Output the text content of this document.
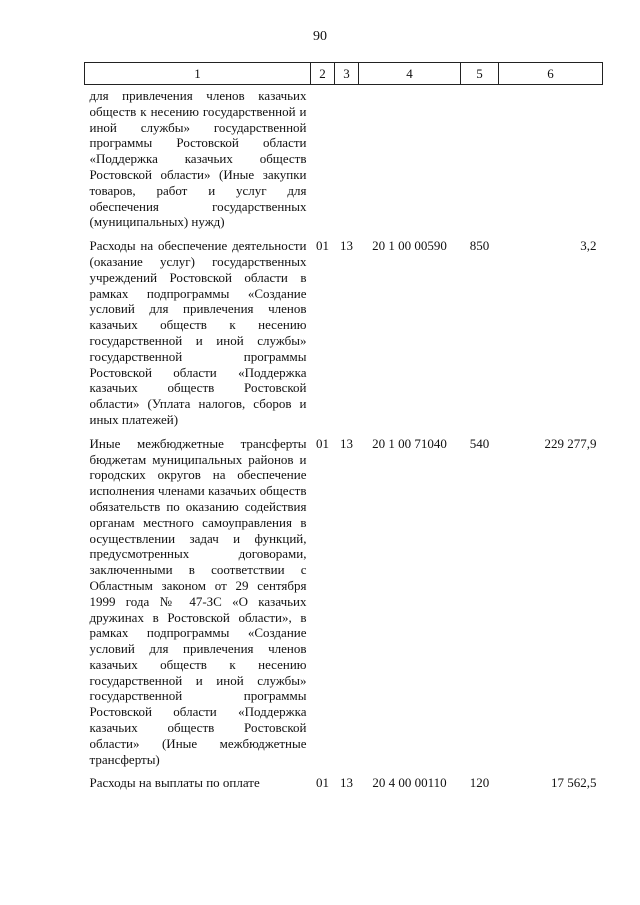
90
1	2	3	4	5	6
для привлечения членов казачьих обществ к несению государственной и иной службы» государственной программы Ростовской области «Поддержка казачьих обществ Ростовской области» (Иные закупки товаров, работ и услуг для обеспечения государственных (муниципальных) нужд)					
Расходы на обеспечение деятельности (оказание услуг) государственных учреждений Ростовской области в рамках подпрограммы «Создание условий для привлечения членов казачьих обществ к несению государственной и иной службы» государственной программы Ростовской области «Поддержка казачьих обществ Ростовской области» (Уплата налогов, сборов и иных платежей)	01	13	20 1 00 00590	850	3,2
Иные межбюджетные трансферты бюджетам муниципальных районов и городских округов на обеспечение исполнения членами казачьих обществ обязательств по оказанию содействия органам местного самоуправления в осуществлении задач и функций, предусмотренных договорами, заключенными в соответствии с Областным законом от 29 сентября 1999 года № 47-ЗС «О казачьих дружинах в Ростовской области», в рамках подпрограммы «Создание условий для привлечения членов казачьих обществ к несению государственной и иной службы» государственной программы Ростовской области «Поддержка казачьих обществ Ростовской области» (Иные межбюджетные трансферты)	01	13	20 1 00 71040	540	229 277,9
Расходы на выплаты по оплате	01	13	20 4 00 00110	120	17 562,5
